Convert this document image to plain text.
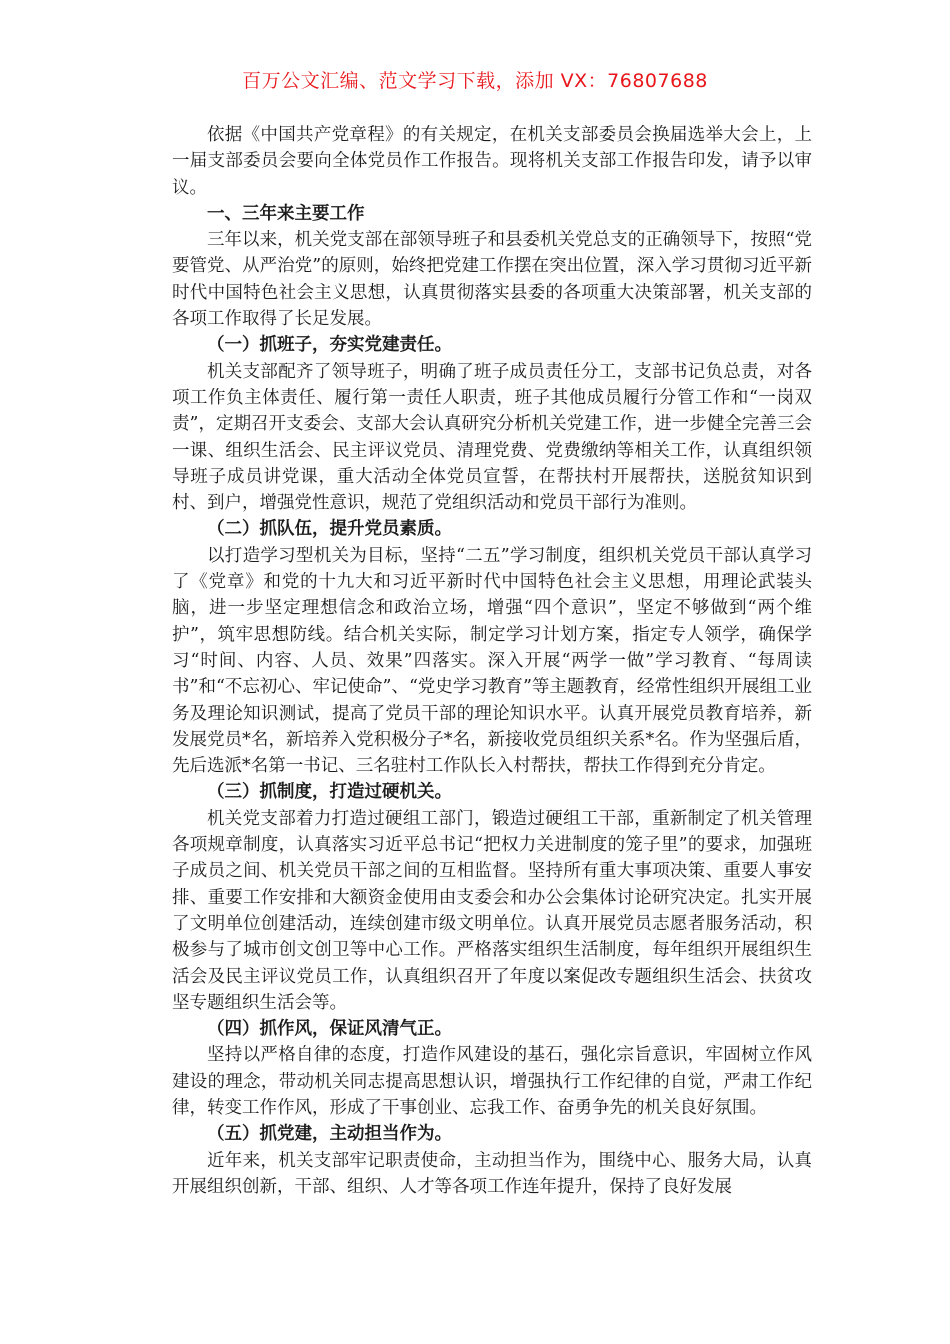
百万公文汇编、范文学习下载，添加 VX：76807688

依据《中国共产党章程》的有关规定，在机关支部委员会换届选举大会上，上一届支部委员会要向全体党员作工作报告。现将机关支部工作报告印发，请予以审议。

一、三年来主要工作

三年以来，机关党支部在部领导班子和县委机关党总支的正确领导下，按照“党要管党、从严治党”的原则，始终把党建工作摆在突出位置，深入学习贯彻习近平新时代中国特色社会主义思想，认真贯彻落实县委的各项重大决策部署，机关支部的各项工作取得了长足发展。

（一）抓班子，夯实党建责任。

机关支部配齐了领导班子，明确了班子成员责任分工，支部书记负总责，对各项工作负主体责任、履行第一责任人职责，班子其他成员履行分管工作和“一岗双责”，定期召开支委会、支部大会认真研究分析机关党建工作，进一步健全完善三会一课、组织生活会、民主评议党员、清理党费、党费缴纳等相关工作，认真组织领导班子成员讲党课，重大活动全体党员宣誓，在帮扶村开展帮扶，送脱贫知识到村、到户，增强党性意识，规范了党组织活动和党员干部行为准则。

（二）抓队伍，提升党员素质。

以打造学习型机关为目标，坚持“二五”学习制度，组织机关党员干部认真学习了《党章》和党的十九大和习近平新时代中国特色社会主义思想，用理论武装头脑，进一步坚定理想信念和政治立场，增强“四个意识”，坚定不够做到“两个维护”，筑牢思想防线。结合机关实际，制定学习计划方案，指定专人领学，确保学习“时间、内容、人员、效果”四落实。深入开展“两学一做”学习教育、“每周读书”和“不忘初心、牢记使命”、“党史学习教育”等主题教育，经常性组织开展组工业务及理论知识测试，提高了党员干部的理论知识水平。认真开展党员教育培养，新发展党员*名，新培养入党积极分子*名，新接收党员组织关系*名。作为坚强后盾，先后选派*名第一书记、三名驻村工作队长入村帮扶，帮扶工作得到充分肯定。

（三）抓制度，打造过硬机关。

机关党支部着力打造过硬组工部门，锻造过硬组工干部，重新制定了机关管理各项规章制度，认真落实习近平总书记“把权力关进制度的笼子里”的要求，加强班子成员之间、机关党员干部之间的互相监督。坚持所有重大事项决策、重要人事安排、重要工作安排和大额资金使用由支委会和办公会集体讨论研究决定。扎实开展了文明单位创建活动，连续创建市级文明单位。认真开展党员志愿者服务活动，积极参与了城市创文创卫等中心工作。严格落实组织生活制度，每年组织开展组织生活会及民主评议党员工作，认真组织召开了年度以案促改专题组织生活会、扶贫攻坚专题组织生活会等。

（四）抓作风，保证风清气正。

坚持以严格自律的态度，打造作风建设的基石，强化宗旨意识，牢固树立作风建设的理念，带动机关同志提高思想认识，增强执行工作纪律的自觉，严肃工作纪律，转变工作作风，形成了干事创业、忘我工作、奋勇争先的机关良好氛围。

（五）抓党建，主动担当作为。

近年来，机关支部牢记职责使命，主动担当作为，围绕中心、服务大局，认真开展组织创新，干部、组织、人才等各项工作连年提升，保持了良好发展
